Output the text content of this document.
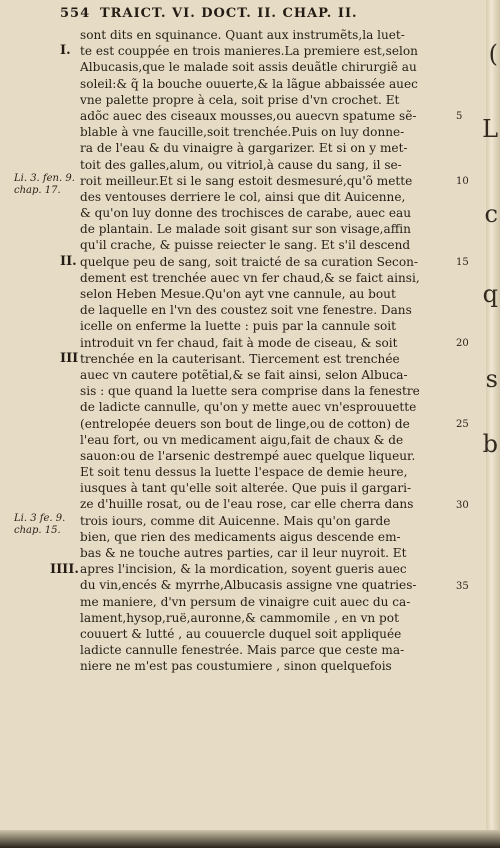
554 TRAICT. VI. DOCT. II. CHAP. II.
sont dits en squinance. Quant aux instrumẽts,la luet-
te est couppée en trois manieres.La premiere est,selon
Albucasis,que le malade soit assis deuãtle chirurgiẽ au
soleil:& q̃ la bouche ouuerte,& la lãgue abbaissée auec
vne palette propre à cela, soit prise d'vn crochet. Et
adõc auec des ciseaux mousses,ou auecvn spatume sẽ-
blable à vne faucille,soit trenchée.Puis on luy donne-
ra de l'eau & du vinaigre à gargarizer. Et si on y met-
toit des galles,alum, ou vitriol,à cause du sang, il se-
roit meilleur.Et si le sang estoit desmesuré,qu'õ mette
des ventouses derriere le col, ainsi que dit Auicenne,
& qu'on luy donne des trochisces de carabe, auec eau
de plantain. Le malade soit gisant sur son visage,affin
qu'il crache, & puisse reiecter le sang. Et s'il descend
quelque peu de sang, soit traicté de sa curation Secon-
dement est trenchée auec vn fer chaud,& se faict ainsi,
selon Heben Mesue.Qu'on ayt vne cannule, au bout
de laquelle en l'vn des coustez soit vne fenestre. Dans
icelle on enferme la luette : puis par la cannule soit
introduit vn fer chaud, fait à mode de ciseau, & soit
trenchée en la cauterisant. Tiercement est trenchée
auec vn cautere potẽtial,& se fait ainsi, selon Albuca-
sis : que quand la luette sera comprise dans la fenestre
de ladicte cannulle, qu'on y mette auec vn'esprouuette
(entrelopée deuers son bout de linge,ou de cotton) de
l'eau fort, ou vn medicament aigu,fait de chaux & de
sauon:ou de l'arsenic destrempé auec quelque liqueur.
Et soit tenu dessus la luette l'espace de demie heure,
iusques à tant qu'elle soit alterée. Que puis il gargari-
ze d'huille rosat, ou de l'eau rose, car elle cherra dans
trois iours, comme dit Auicenne. Mais qu'on garde
bien, que rien des medicaments aigus descende em-
bas & ne touche autres parties, car il leur nuyroit. Et
apres l'incision, & la mordication, soyent gueris auec
du vin,encés & myrrhe,Albucasis assigne vne quatries-
me maniere, d'vn persum de vinaigre cuit auec du ca-
lament,hysop,ruë,auronne,& cammomile , en vn pot
couuert & lutté , au couuercle duquel soit appliquée
ladicte cannulle fenestrée. Mais parce que ceste ma-
niere ne m'est pas coustumiere , sinon quelquefois
I.
II.
III
IIII.
Li. 3. fen. 9.
chap. 17.
Li. 3 fe. 9.
chap. 15.
5
10
15
20
25
30
35
(
L
c
q
s
b
